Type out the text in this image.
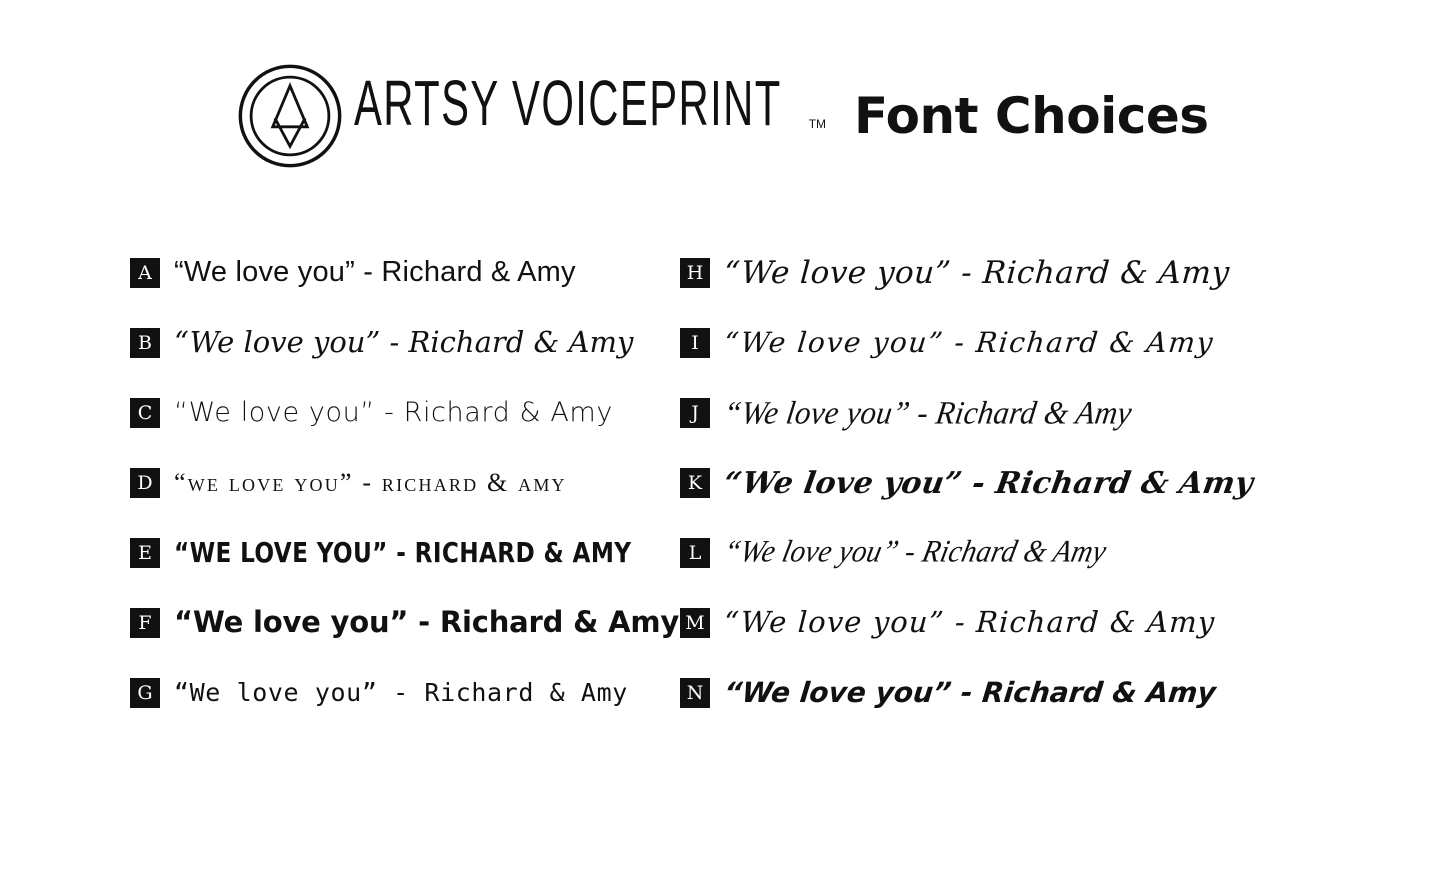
ARTSY VOICEPRINT TM Font Choices
A “We love you” - Richard & Amy
B “We love you” - Richard & Amy
C “We love you” - Richard & Amy
D “we love you” - richard & amy
E “WE LOVE YOU” - RICHARD & AMY
F “We love you” - Richard & Amy
G “We love you” - Richard & Amy
H “We love you” - Richard & Amy
I “We love you” - Richard & Amy
J “We love you” - Richard & Amy
K “We love you” - Richard & Amy
L “We love you” - Richard & Amy
M “We love you” - Richard & Amy
N “We love you” - Richard & Amy
